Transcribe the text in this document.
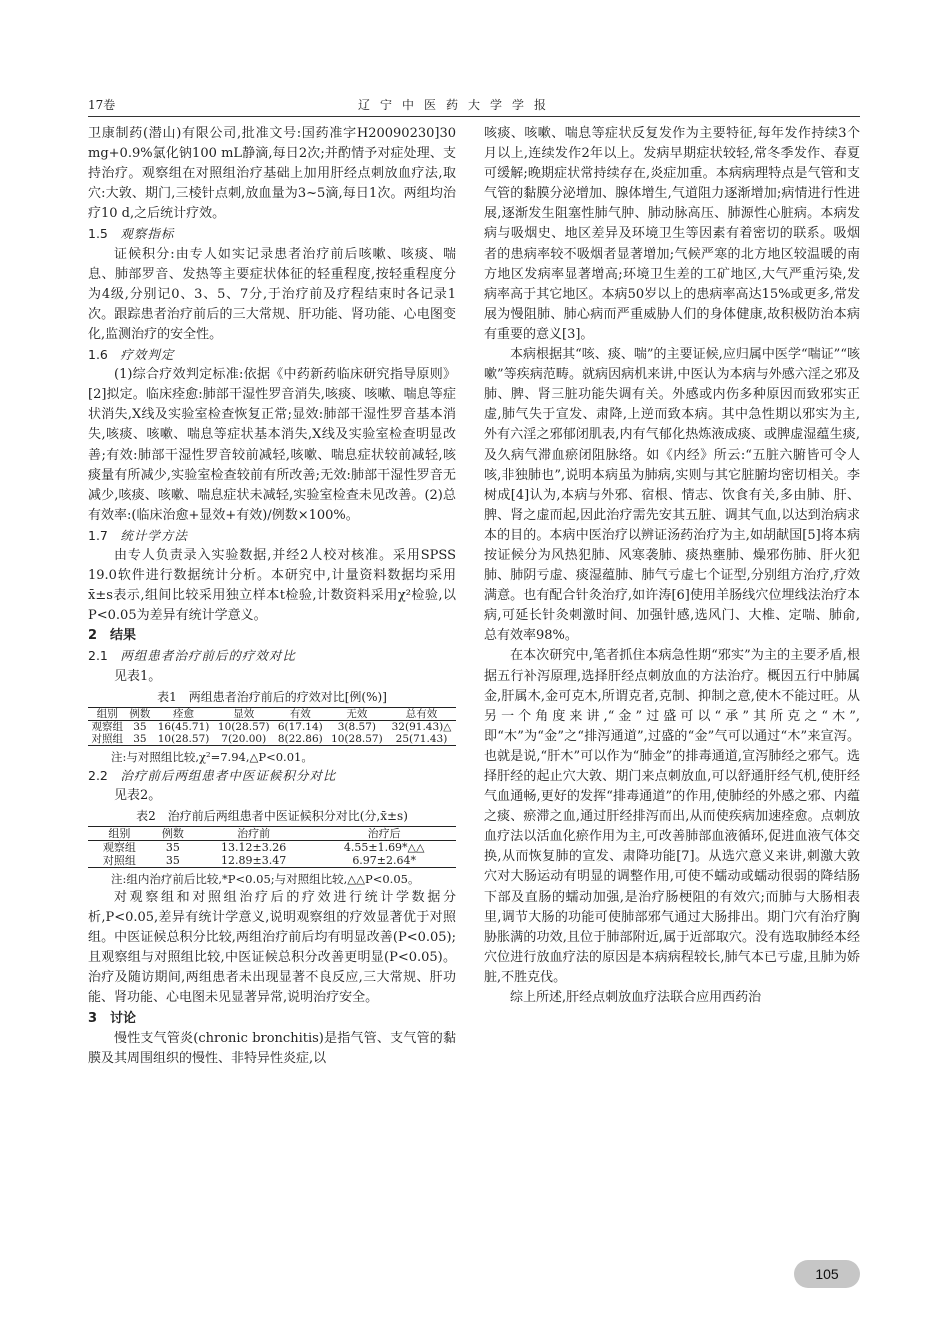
17卷	辽宁中医药大学学报

卫康制药(潜山)有限公司,批准文号:国药准字H20090230]30 mg+0.9%氯化钠100 mL静滴,每日2次;并酌情予对症处理、支持治疗。观察组在对照组治疗基础上加用肝经点刺放血疗法,取穴:大敦、期门,三棱针点刺,放血量为3~5滴,每日1次。两组均治疗10 d,之后统计疗效。

1.5　 观察指标

证候积分:由专人如实记录患者治疗前后咳嗽、咳痰、喘息、肺部罗音、发热等主要症状体征的轻重程度,按轻重程度分为4级,分别记0、3、5、7分,于治疗前及疗程结束时各记录1次。跟踪患者治疗前后的三大常规、肝功能、肾功能、心电图变化,监测治疗的安全性。

1.6　 疗效判定

(1)综合疗效判定标准:依据《中药新药临床研究指导原则》[2]拟定。临床痊愈:肺部干湿性罗音消失,咳痰、咳嗽、喘息等症状消失,X线及实验室检查恢复正常;显效:肺部干湿性罗音基本消失,咳痰、咳嗽、喘息等症状基本消失,X线及实验室检查明显改善;有效:肺部干湿性罗音较前减轻,咳嗽、喘息症状较前减轻,咳痰量有所减少,实验室检查较前有所改善;无效:肺部干湿性罗音无减少,咳痰、咳嗽、喘息症状未减轻,实验室检查未见改善。(2)总有效率:(临床治愈+显效+有效)/例数×100%。

1.7　 统计学方法

由专人负责录入实验数据,并经2人校对核准。采用SPSS 19.0软件进行数据统计分析。本研究中,计量资料数据均采用x̄±s表示,组间比较采用独立样本t检验,计数资料采用χ²检验,以P<0.05为差异有统计学意义。

2　结果

2.1　 两组患者治疗前后的疗效对比

见表1。

表1　两组患者治疗前后的疗效对比[例(%)]

组别	例数	痊愈	显效	有效	无效	总有效
观察组	35	16(45.71)	10(28.57)	6(17.14)	3(8.57)	32(91.43)△
对照组	35	10(28.57)	7(20.00)	8(22.86)	10(28.57)	25(71.43)

注:与对照组比较,χ²=7.94,△P<0.01。

2.2　 治疗前后两组患者中医证候积分对比

见表2。

表2　治疗前后两组患者中医证候积分对比(分,x̄±s)

组别	例数	治疗前	治疗后
观察组	35	13.12±3.26	4.55±1.69*△△
对照组	35	12.89±3.47	6.97±2.64*

注:组内治疗前后比较,*P<0.05;与对照组比较,△△P<0.05。

对观察组和对照组治疗后的疗效进行统计学数据分析,P<0.05,差异有统计学意义,说明观察组的疗效显著优于对照组。中医证候总积分比较,两组治疗前后均有明显改善(P<0.05);且观察组与对照组比较,中医证候总积分改善更明显(P<0.05)。治疗及随访期间,两组患者未出现显著不良反应,三大常规、肝功能、肾功能、心电图未见显著异常,说明治疗安全。

3　讨论

慢性支气管炎(chronic bronchitis)是指气管、支气管的黏膜及其周围组织的慢性、非特异性炎症,以

咳痰、咳嗽、喘息等症状反复发作为主要特征,每年发作持续3个月以上,连续发作2年以上。发病早期症状较轻,常冬季发作、春夏可缓解;晚期症状常持续存在,炎症加重。本病病理特点是气管和支气管的黏膜分泌增加、腺体增生,气道阻力逐渐增加;病情进行性进展,逐渐发生阻塞性肺气肿、肺动脉高压、肺源性心脏病。本病发病与吸烟史、地区差异及环境卫生等因素有着密切的联系。吸烟者的患病率较不吸烟者显著增加;气候严寒的北方地区较温暖的南方地区发病率显著增高;环境卫生差的工矿地区,大气严重污染,发病率高于其它地区。本病50岁以上的患病率高达15%或更多,常发展为慢阻肺、肺心病而严重威胁人们的身体健康,故积极防治本病有重要的意义[3]。

本病根据其“咳、痰、喘”的主要证候,应归属中医学“喘证”“咳嗽”等疾病范畴。就病因病机来讲,中医认为本病与外感六淫之邪及肺、脾、肾三脏功能失调有关。外感或内伤多种原因而致邪实正虚,肺气失于宣发、肃降,上逆而致本病。其中急性期以邪实为主,外有六淫之邪郁闭肌表,内有气郁化热炼液成痰、或脾虚湿蕴生痰,及久病气滞血瘀闭阻脉络。如《内经》所云:“五脏六腑皆可令人咳,非独肺也”,说明本病虽为肺病,实则与其它脏腑均密切相关。李树成[4]认为,本病与外邪、宿根、情志、饮食有关,多由肺、肝、脾、肾之虚而起,因此治疗需先安其五脏、调其气血,以达到治病求本的目的。本病中医治疗以辨证汤药治疗为主,如胡献国[5]将本病按证候分为风热犯肺、风寒袭肺、痰热壅肺、燥邪伤肺、肝火犯肺、肺阴亏虚、痰湿蕴肺、肺气亏虚七个证型,分别组方治疗,疗效满意。也有配合针灸治疗,如许涛[6]使用羊肠线穴位埋线法治疗本病,可延长针灸刺激时间、加强针感,选风门、大椎、定喘、肺俞,总有效率98%。

在本次研究中,笔者抓住本病急性期“邪实”为主的主要矛盾,根据五行补泻原理,选择肝经点刺放血的方法治疗。概因五行中肺属金,肝属木,金可克木,所谓克者,克制、抑制之意,使木不能过旺。从另一个角度来讲,“金”过盛可以“承”其所克之“木”,即“木”为“金”之“排泻通道”,过盛的“金”气可以通过“木”来宣泻。也就是说,“肝木”可以作为“肺金”的排毒通道,宣泻肺经之邪气。选择肝经的起止穴大敦、期门来点刺放血,可以舒通肝经气机,使肝经气血通畅,更好的发挥“排毒通道”的作用,使肺经的外感之邪、内蕴之痰、瘀滞之血,通过肝经排泻而出,从而使疾病加速痊愈。点刺放血疗法以活血化瘀作用为主,可改善肺部血液循环,促进血液气体交换,从而恢复肺的宣发、肃降功能[7]。从选穴意义来讲,刺激大敦穴对大肠运动有明显的调整作用,可使不蠕动或蠕动很弱的降结肠下部及直肠的蠕动加强,是治疗肠梗阻的有效穴;而肺与大肠相表里,调节大肠的功能可使肺部邪气通过大肠排出。期门穴有治疗胸胁胀满的功效,且位于肺部附近,属于近部取穴。没有选取肺经本经穴位进行放血疗法的原因是本病病程较长,肺气本已亏虚,且肺为娇脏,不胜克伐。

综上所述,肝经点刺放血疗法联合应用西药治

105
